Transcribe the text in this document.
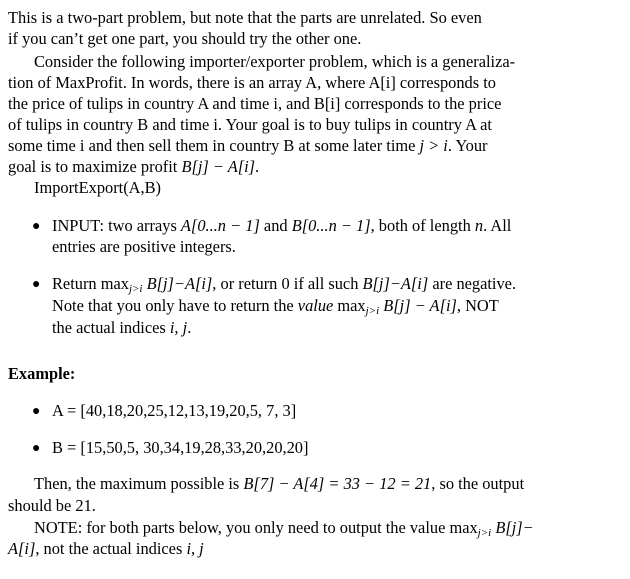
This is a two-part problem, but note that the parts are unrelated. So even
if you can’t get one part, you should try the other one.
Consider the following importer/exporter problem, which is a generaliza-
tion of MaxProfit. In words, there is an array A, where A[i] corresponds to
the price of tulips in country A and time i, and B[i] corresponds to the price
of tulips in country B and time i. Your goal is to buy tulips in country A at
some time i and then sell them in country B at some later time j > i. Your
goal is to maximize profit B[j] − A[i].
ImportExport(A,B)
● INPUT: two arrays A[0...n − 1] and B[0...n − 1], both of length n. All
entries are positive integers.
● Return $\max_{j>i} B[j]-A[i]$, or return 0 if all such B[j]−A[i] are negative.
Note that you only have to return the value $\max_{j>i} B[j] - A[i]$, NOT
the actual indices i, j.
Example:
● A = [40,18,20,25,12,13,19,20,5, 7, 3]
● B = [15,50,5, 30,34,19,28,33,20,20,20]
Then, the maximum possible is B[7] − A[4] = 33 − 12 = 21, so the output
should be 21.
NOTE: for both parts below, you only need to output the value $\max_{j>i} B[j]-$
A[i], not the actual indices i, j
